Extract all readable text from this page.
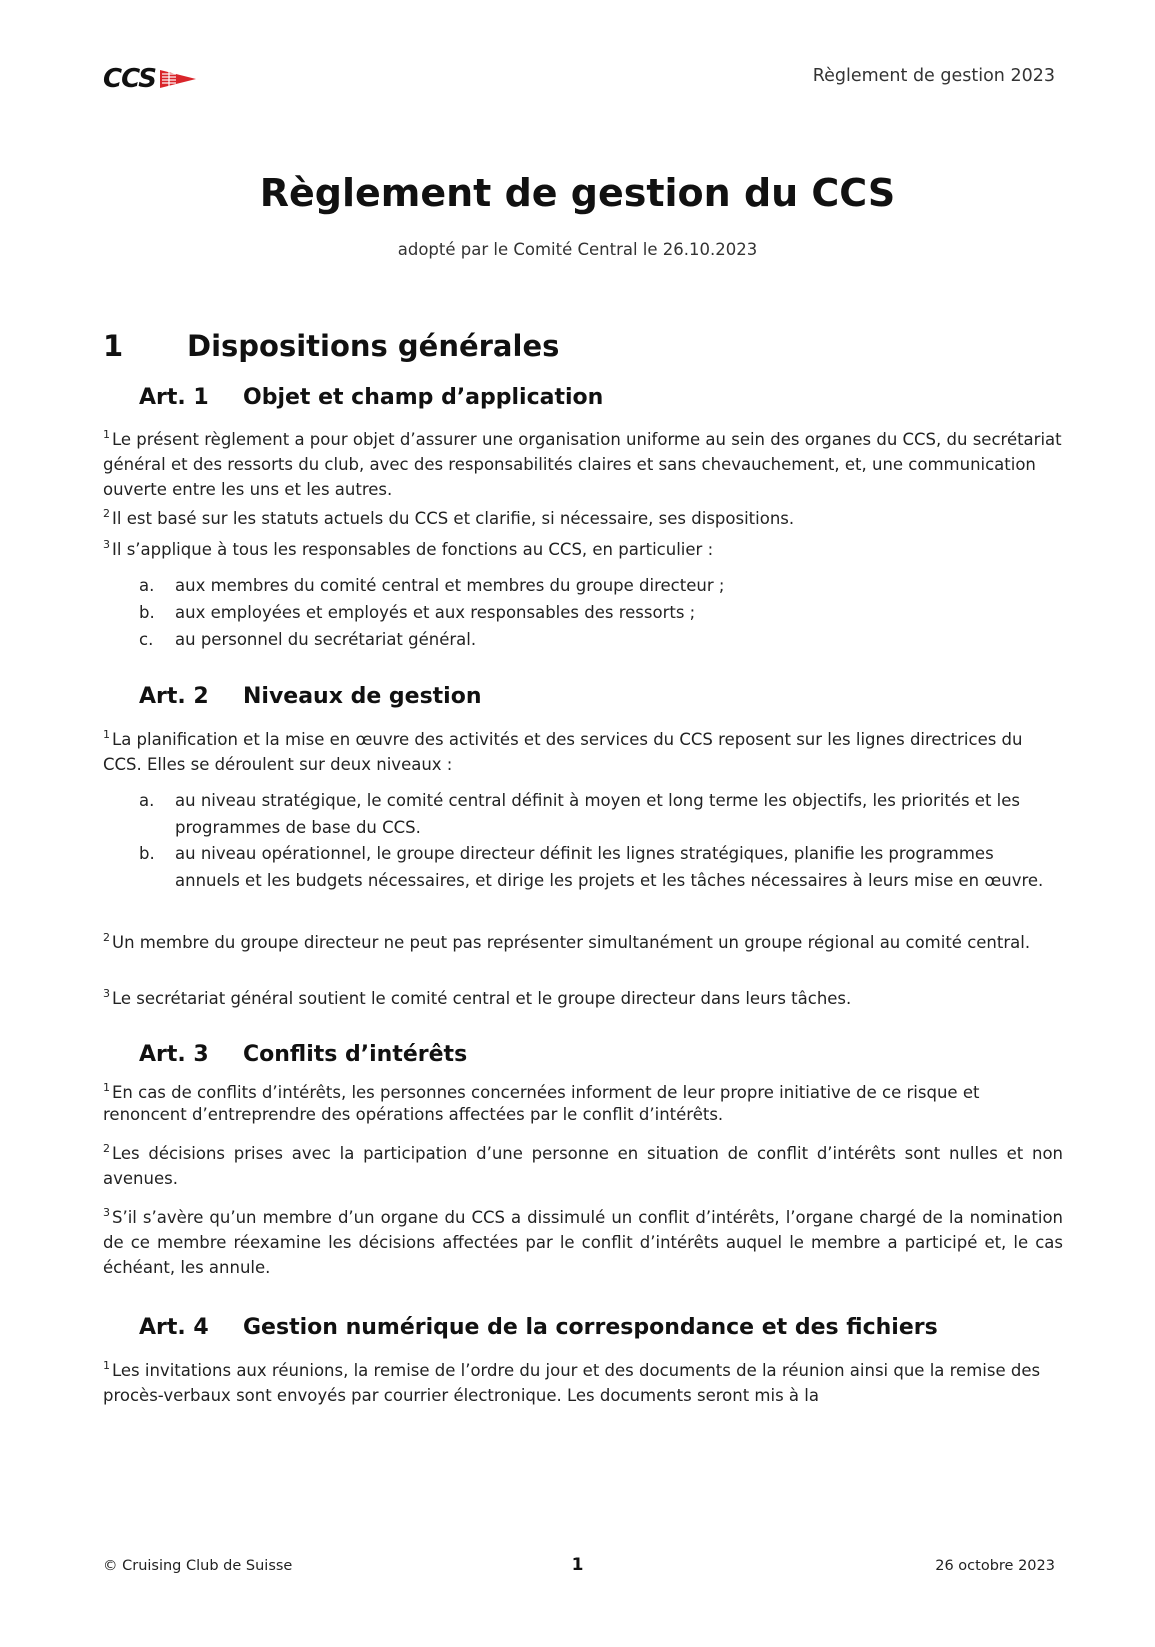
CCS	Règlement de gestion 2023
Règlement de gestion du CCS
adopté par le Comité Central le 26.10.2023
1 Dispositions générales
Art. 1 Objet et champ d’application
$^1$ Le présent règlement a pour objet d’assurer une organisation uniforme au sein des organes du CCS, du secrétariat général et des ressorts du club, avec des responsabilités claires et sans chevauchement, et, une communication ouverte entre les uns et les autres.
$^2$ Il est basé sur les statuts actuels du CCS et clarifie, si nécessaire, ses dispositions.
$^3$ Il s’applique à tous les responsables de fonctions au CCS, en particulier :
a. aux membres du comité central et membres du groupe directeur ;
b. aux employées et employés et aux responsables des ressorts ;
c. au personnel du secrétariat général.
Art. 2 Niveaux de gestion
$^1$ La planification et la mise en œuvre des activités et des services du CCS reposent sur les lignes directrices du CCS. Elles se déroulent sur deux niveaux :
a. au niveau stratégique, le comité central définit à moyen et long terme les objectifs, les priorités et les programmes de base du CCS.
b. au niveau opérationnel, le groupe directeur définit les lignes stratégiques, planifie les programmes annuels et les budgets nécessaires, et dirige les projets et les tâches nécessaires à leurs mise en œuvre.
$^2$ Un membre du groupe directeur ne peut pas représenter simultanément un groupe régional au comité central.
$^3$ Le secrétariat général soutient le comité central et le groupe directeur dans leurs tâches.
Art. 3 Conflits d’intérêts
$^1$ En cas de conflits d’intérêts, les personnes concernées informent de leur propre initiative de ce risque et renoncent d’entreprendre des opérations affectées par le conflit d’intérêts.
$^2$ Les décisions prises avec la participation d’une personne en situation de conflit d’intérêts sont nulles et non avenues.
$^3$ S’il s’avère qu’un membre d’un organe du CCS a dissimulé un conflit d’intérêts, l’organe chargé de la nomination de ce membre réexamine les décisions affectées par le conflit d’intérêts auquel le membre a participé et, le cas échéant, les annule.
Art. 4 Gestion numérique de la correspondance et des fichiers
$^1$ Les invitations aux réunions, la remise de l’ordre du jour et des documents de la réunion ainsi que la remise des procès-verbaux sont envoyés par courrier électronique. Les documents seront mis à la
© Cruising Club de Suisse	1	26 octobre 2023
